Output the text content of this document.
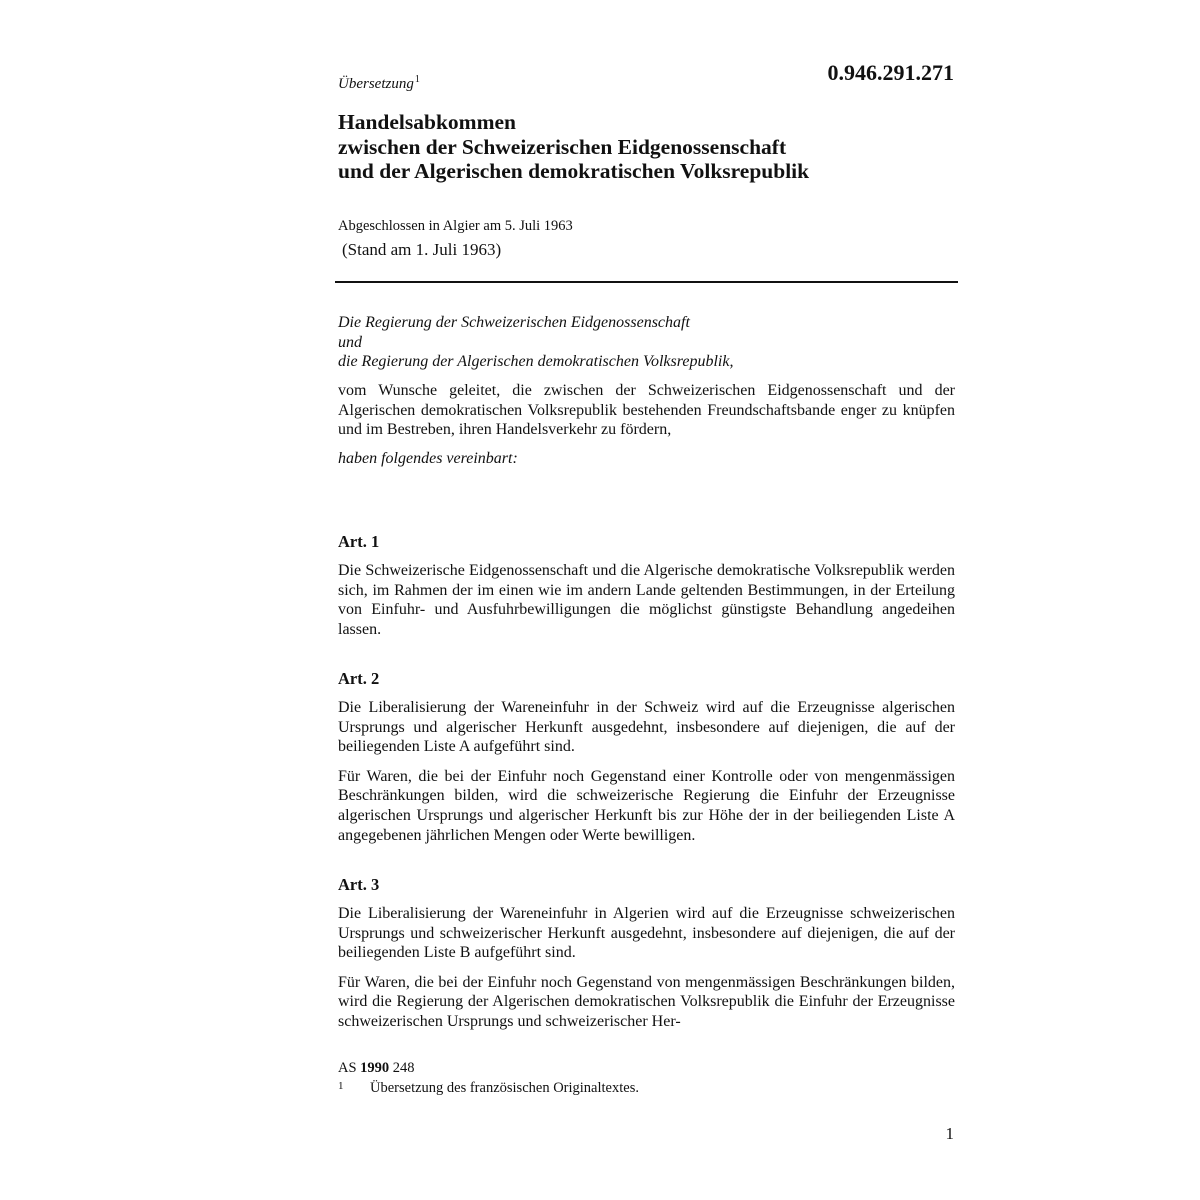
Übersetzung$^1$	0.946.291.271
Handelsabkommen
zwischen der Schweizerischen Eidgenossenschaft
und der Algerischen demokratischen Volksrepublik
Abgeschlossen in Algier am 5. Juli 1963
(Stand am 1. Juli 1963)
Die Regierung der Schweizerischen Eidgenossenschaft
und
die Regierung der Algerischen demokratischen Volksrepublik,

vom Wunsche geleitet, die zwischen der Schweizerischen Eidgenossenschaft und der Algerischen demokratischen Volksrepublik bestehenden Freundschaftsbande enger zu knüpfen und im Bestreben, ihren Handelsverkehr zu fördern,

haben folgendes vereinbart:
Art. 1

Die Schweizerische Eidgenossenschaft und die Algerische demokratische Volksrepublik werden sich, im Rahmen der im einen wie im andern Lande geltenden Bestimmungen, in der Erteilung von Einfuhr- und Ausfuhrbewilligungen die möglichst günstigste Behandlung angedeihen lassen.

Art. 2

Die Liberalisierung der Wareneinfuhr in der Schweiz wird auf die Erzeugnisse algerischen Ursprungs und algerischer Herkunft ausgedehnt, insbesondere auf diejenigen, die auf der beiliegenden Liste A aufgeführt sind.

Für Waren, die bei der Einfuhr noch Gegenstand einer Kontrolle oder von mengenmässigen Beschränkungen bilden, wird die schweizerische Regierung die Einfuhr der Erzeugnisse algerischen Ursprungs und algerischer Herkunft bis zur Höhe der in der beiliegenden Liste A angegebenen jährlichen Mengen oder Werte bewilligen.

Art. 3

Die Liberalisierung der Wareneinfuhr in Algerien wird auf die Erzeugnisse schweizerischen Ursprungs und schweizerischer Herkunft ausgedehnt, insbesondere auf diejenigen, die auf der beiliegenden Liste B aufgeführt sind.

Für Waren, die bei der Einfuhr noch Gegenstand von mengenmässigen Beschränkungen bilden, wird die Regierung der Algerischen demokratischen Volksrepublik die Einfuhr der Erzeugnisse schweizerischen Ursprungs und schweizerischer Her-

AS 1990 248
1	Übersetzung des französischen Originaltextes.
1
